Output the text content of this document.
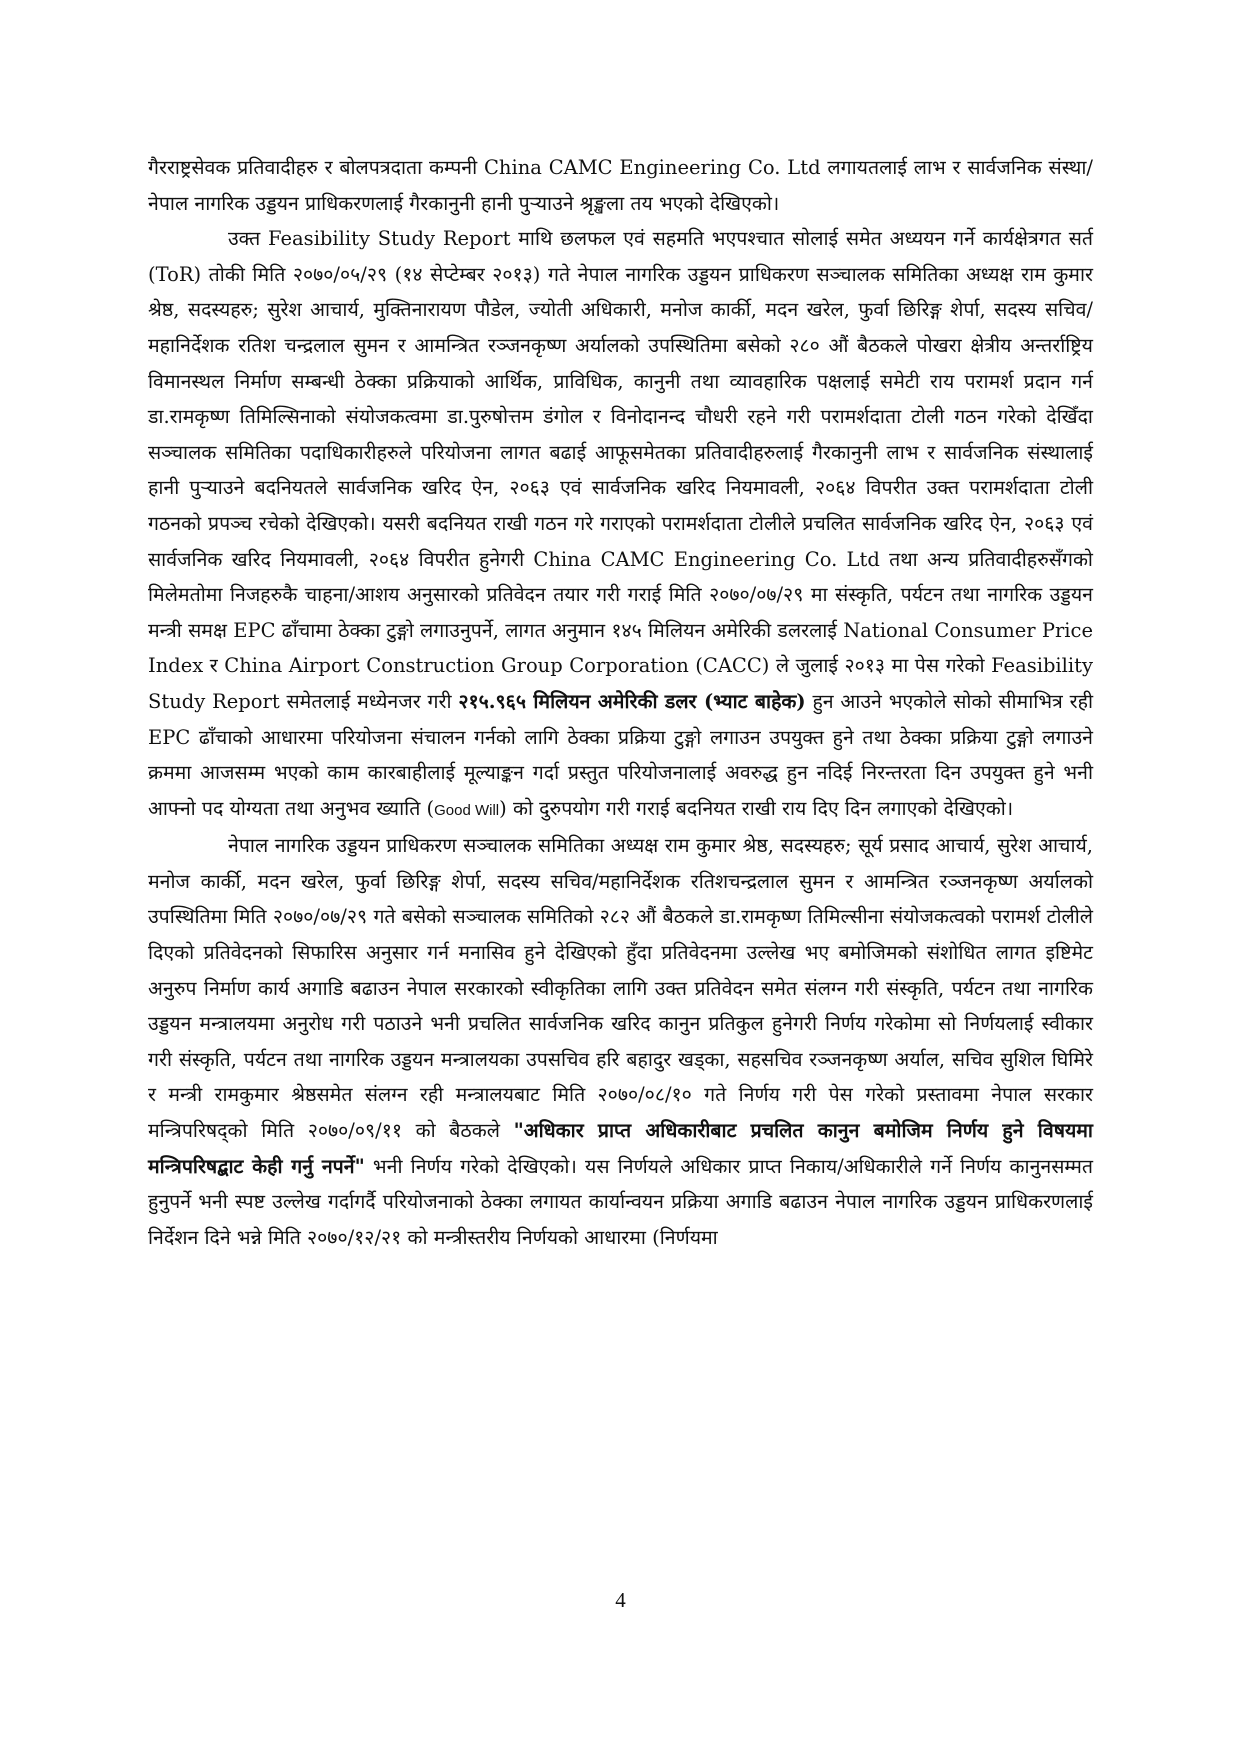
गैरराष्ट्रसेवक प्रतिवादीहरु र बोलपत्रदाता कम्पनी China CAMC Engineering Co. Ltd लगायतलाई लाभ र सार्वजनिक संस्था/नेपाल नागरिक उड्डयन प्राधिकरणलाई गैरकानुनी हानी पुऱ्याउने श्रृङ्खला तय भएको देखिएको।

उक्त Feasibility Study Report माथि छलफल एवं सहमति भएपश्चात सोलाई समेत अध्ययन गर्ने कार्यक्षेत्रगत सर्त (ToR) तोकी मिति २०७०/०५/२९ (१४ सेप्टेम्बर २०१३) गते नेपाल नागरिक उड्डयन प्राधिकरण सञ्चालक समितिका अध्यक्ष राम कुमार श्रेष्ठ, सदस्यहरु; सुरेश आचार्य, मुक्तिनारायण पौडेल, ज्योती अधिकारी, मनोज कार्की, मदन खरेल, फुर्वा छिरिङ्ग शेर्पा, सदस्य सचिव/महानिर्देशक रतिश चन्द्रलाल सुमन र आमन्त्रित रञ्जनकृष्ण अर्यालको उपस्थितिमा बसेको २८० औं बैठकले पोखरा क्षेत्रीय अन्तर्राष्ट्रिय विमानस्थल निर्माण सम्बन्धी ठेक्का प्रक्रियाको आर्थिक, प्राविधिक, कानुनी तथा व्यावहारिक पक्षलाई समेटी राय परामर्श प्रदान गर्न डा.रामकृष्ण तिमिल्सिनाको संयोजकत्वमा डा.पुरुषोत्तम डंगोल र विनोदानन्द चौधरी रहने गरी परामर्शदाता टोली गठन गरेको देखिँदा सञ्चालक समितिका पदाधिकारीहरुले परियोजना लागत बढाई आफूसमेतका प्रतिवादीहरुलाई गैरकानुनी लाभ र सार्वजनिक संस्थालाई हानी पुऱ्याउने बदनियतले सार्वजनिक खरिद ऐन, २०६३ एवं सार्वजनिक खरिद नियमावली, २०६४ विपरीत उक्त परामर्शदाता टोली गठनको प्रपञ्च रचेको देखिएको। यसरी बदनियत राखी गठन गरे गराएको परामर्शदाता टोलीले प्रचलित सार्वजनिक खरिद ऐन, २०६३ एवं सार्वजनिक खरिद नियमावली, २०६४ विपरीत हुनेगरी China CAMC Engineering Co. Ltd तथा अन्य प्रतिवादीहरुसँगको मिलेमतोमा निजहरुकै चाहना/आशय अनुसारको प्रतिवेदन तयार गरी गराई मिति २०७०/०७/२९ मा संस्कृति, पर्यटन तथा नागरिक उड्डयन मन्त्री समक्ष EPC ढाँचामा ठेक्का टुङ्गो लगाउनुपर्ने, लागत अनुमान १४५ मिलियन अमेरिकी डलरलाई National Consumer Price Index र China Airport Construction Group Corporation (CACC) ले जुलाई २०१३ मा पेस गरेको Feasibility Study Report समेतलाई मध्येनजर गरी २१५.९६५ मिलियन अमेरिकी डलर (भ्याट बाहेक) हुन आउने भएकोले सोको सीमाभित्र रही EPC ढाँचाको आधारमा परियोजना संचालन गर्नको लागि ठेक्का प्रक्रिया टुङ्गो लगाउन उपयुक्त हुने तथा ठेक्का प्रक्रिया टुङ्गो लगाउने क्रममा आजसम्म भएको काम कारबाहीलाई मूल्याङ्कन गर्दा प्रस्तुत परियोजनालाई अवरुद्ध हुन नदिई निरन्तरता दिन उपयुक्त हुने भनी आफ्नो पद योग्यता तथा अनुभव ख्याति (Good Will) को दुरुपयोग गरी गराई बदनियत राखी राय दिए दिन लगाएको देखिएको।

नेपाल नागरिक उड्डयन प्राधिकरण सञ्चालक समितिका अध्यक्ष राम कुमार श्रेष्ठ, सदस्यहरु; सूर्य प्रसाद आचार्य, सुरेश आचार्य, मनोज कार्की, मदन खरेल, फुर्वा छिरिङ्ग शेर्पा, सदस्य सचिव/महानिर्देशक रतिशचन्द्रलाल सुमन र आमन्त्रित रञ्जनकृष्ण अर्यालको उपस्थितिमा मिति २०७०/०७/२९ गते बसेको सञ्चालक समितिको २८२ औं बैठकले डा.रामकृष्ण तिमिल्सीना संयोजकत्वको परामर्श टोलीले दिएको प्रतिवेदनको सिफारिस अनुसार गर्न मनासिव हुने देखिएको हुँदा प्रतिवेदनमा उल्लेख भए बमोजिमको संशोधित लागत इष्टिमेट अनुरुप निर्माण कार्य अगाडि बढाउन नेपाल सरकारको स्वीकृतिका लागि उक्त प्रतिवेदन समेत संलग्न गरी संस्कृति, पर्यटन तथा नागरिक उड्डयन मन्त्रालयमा अनुरोध गरी पठाउने भनी प्रचलित सार्वजनिक खरिद कानुन प्रतिकुल हुनेगरी निर्णय गरेकोमा सो निर्णयलाई स्वीकार गरी संस्कृति, पर्यटन तथा नागरिक उड्डयन मन्त्रालयका उपसचिव हरि बहादुर खड्का, सहसचिव रञ्जनकृष्ण अर्याल, सचिव सुशिल घिमिरे र मन्त्री रामकुमार श्रेष्ठसमेत संलग्न रही मन्त्रालयबाट मिति २०७०/०८/१० गते निर्णय गरी पेस गरेको प्रस्तावमा नेपाल सरकार मन्त्रिपरिषद्को मिति २०७०/०९/११ को बैठकले "अधिकार प्राप्त अधिकारीबाट प्रचलित कानुन बमोजिम निर्णय हुने विषयमा मन्त्रिपरिषद्बाट केही गर्नु नपर्ने" भनी निर्णय गरेको देखिएको। यस निर्णयले अधिकार प्राप्त निकाय/अधिकारीले गर्ने निर्णय कानुनसम्मत हुनुपर्ने भनी स्पष्ट उल्लेख गर्दागर्दै परियोजनाको ठेक्का लगायत कार्यान्वयन प्रक्रिया अगाडि बढाउन नेपाल नागरिक उड्डयन प्राधिकरणलाई निर्देशन दिने भन्ने मिति २०७०/१२/२१ को मन्त्रीस्तरीय निर्णयको आधारमा (निर्णयमा

4
